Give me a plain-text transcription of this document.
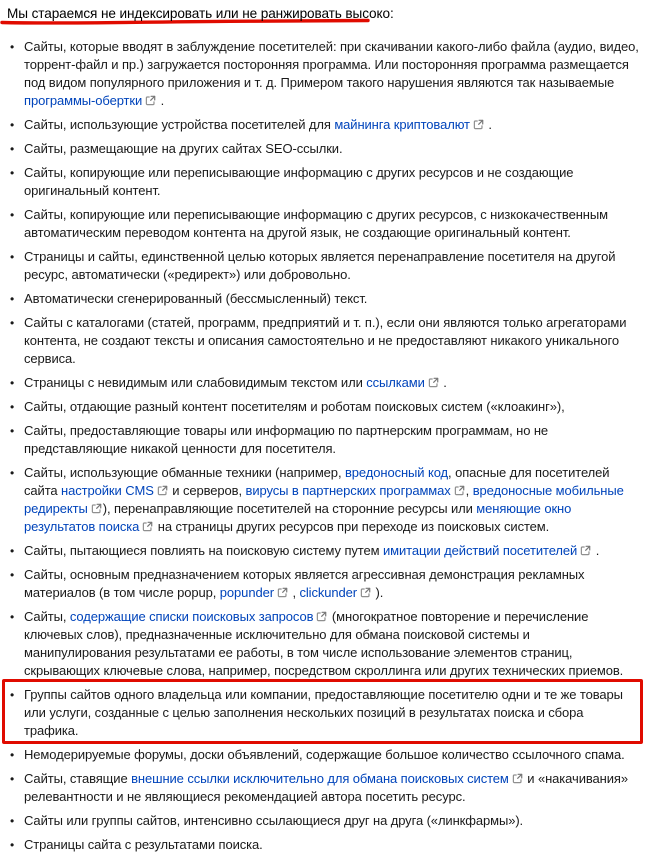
Мы стараемся не индексировать или не ранжировать высоко:

• Сайты, которые вводят в заблуждение посетителей: при скачивании какого-либо файла (аудио, видео, торрент-файл и пр.) загружается посторонняя программа. Или посторонняя программа размещается под видом популярного приложения и т. д. Примером такого нарушения являются так называемые программы-обертки .
• Сайты, использующие устройства посетителей для майнинга криптовалют .
• Сайты, размещающие на других сайтах SEO-ссылки.
• Сайты, копирующие или переписывающие информацию с других ресурсов и не создающие оригинальный контент.
• Сайты, копирующие или переписывающие информацию с других ресурсов, с низкокачественным автоматическим переводом контента на другой язык, не создающие оригинальный контент.
• Страницы и сайты, единственной целью которых является перенаправление посетителя на другой ресурс, автоматически («редирект») или добровольно.
• Автоматически сгенерированный (бессмысленный) текст.
• Сайты с каталогами (статей, программ, предприятий и т. п.), если они являются только агрегаторами контента, не создают тексты и описания самостоятельно и не предоставляют никакого уникального сервиса.
• Страницы с невидимым или слабовидимым текстом или ссылками .
• Сайты, отдающие разный контент посетителям и роботам поисковых систем («клоакинг»),
• Сайты, предоставляющие товары или информацию по партнерским программам, но не представляющие никакой ценности для посетителя.
• Сайты, использующие обманные техники (например, вредоносный код, опасные для посетителей сайта настройки CMS и серверов, вирусы в партнерских программах , вредоносные мобильные редиректы ), перенаправляющие посетителей на сторонние ресурсы или меняющие окно результатов поиска на страницы других ресурсов при переходе из поисковых систем.
• Сайты, пытающиеся повлиять на поисковую систему путем имитации действий посетителей .
• Сайты, основным предназначением которых является агрессивная демонстрация рекламных материалов (в том числе popup, popunder , clickunder ).
• Сайты, содержащие списки поисковых запросов (многократное повторение и перечисление ключевых слов), предназначенные исключительно для обмана поисковой системы и манипулирования результатами ее работы, в том числе использование элементов страниц, скрывающих ключевые слова, например, посредством скроллинга или других технических приемов.
• Группы сайтов одного владельца или компании, предоставляющие посетителю одни и те же товары или услуги, созданные с целью заполнения нескольких позиций в результатах поиска и сбора трафика.
• Немодерируемые форумы, доски объявлений, содержащие большое количество ссылочного спама.
• Сайты, ставящие внешние ссылки исключительно для обмана поисковых систем и «накачивания» релевантности и не являющиеся рекомендацией автора посетить ресурс.
• Сайты или группы сайтов, интенсивно ссылающиеся друг на друга («линкфармы»).
• Страницы сайта с результатами поиска.
